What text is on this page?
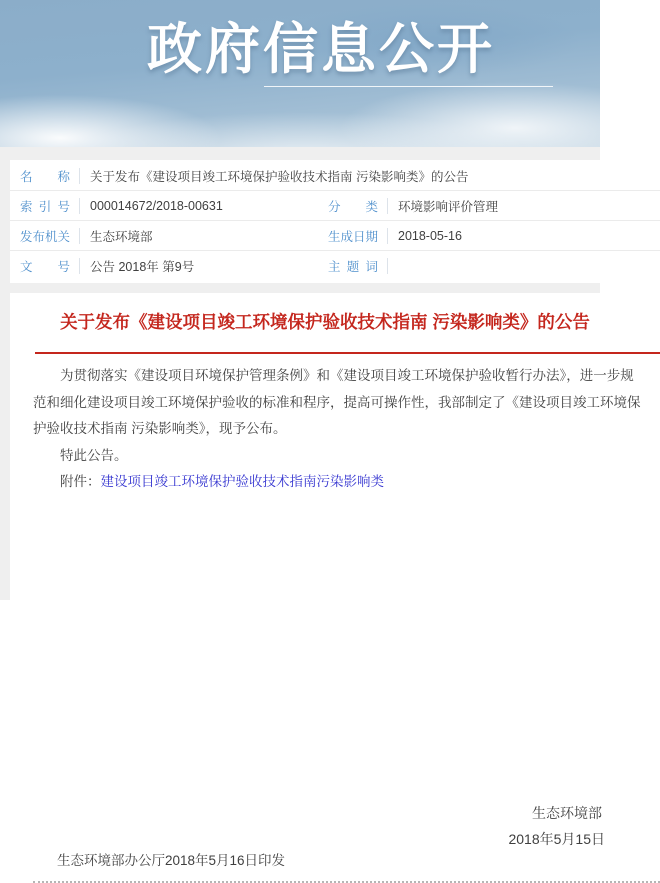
政府信息公开
名称	关于发布《建设项目竣工环境保护验收技术指南 污染影响类》的公告
索引号	000014672/2018-00631	分类	环境影响评价管理
发布机关	生态环境部	生成日期	2018-05-16
文号	公告 2018年 第9号	主题词
关于发布《建设项目竣工环境保护验收技术指南 污染影响类》的公告

为贯彻落实《建设项目环境保护管理条例》和《建设项目竣工环境保护验收暂行办法》，进一步规范和细化建设项目竣工环境保护验收的标准和程序，提高可操作性，我部制定了《建设项目竣工环境保护验收技术指南 污染影响类》，现予公布。

特此公告。

附件：建设项目竣工环境保护验收技术指南污染影响类

生态环境部
2018年5月15日
生态环境部办公厅2018年5月16日印发
